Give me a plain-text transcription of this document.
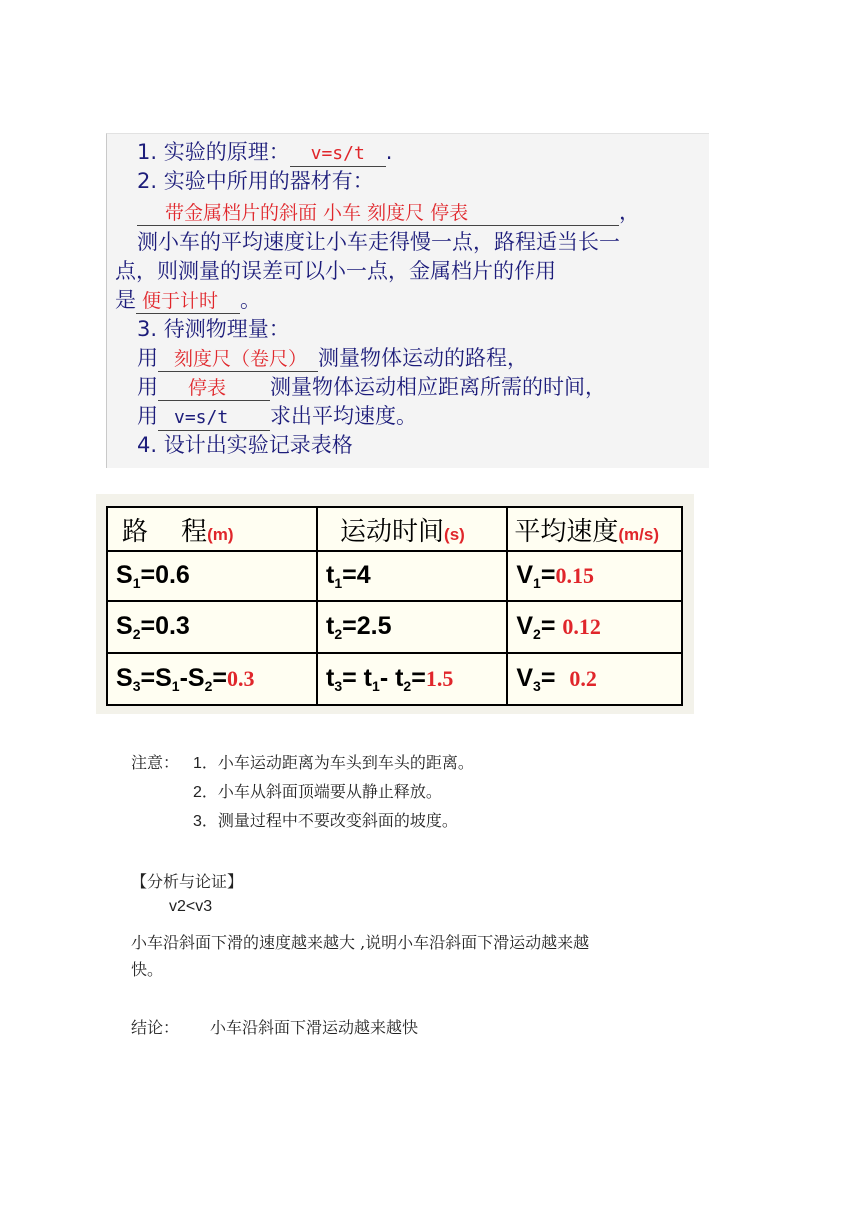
1. 实验的原理： v=s/t .
2. 实验中所用的器材有：
带金属档片的斜面 小车 刻度尺 停表	，
测小车的平均速度让小车走得慢一点，路程适当长一
点，则测量的误差可以小一点，金属档片的作用
是 便于计时 。
3. 待测物理量：
用 刻度尺（卷尺） 测量物体运动的路程，
用 停表 测量物体运动相应距离所需的时间，
用 v=s/t 求出平均速度。
4. 设计出实验记录表格
路    程(m)	运动时间(s)	平均速度(m/s)
$S_1=0.6$	$t_1=4$	$V_1=0.15$
$S_2=0.3$	$t_2=2.5$	$V_2= 0.12$
$S_3=S_1-S_2=0.3$	$t_3= t_1-$ $t_2=1.5$	$V_3= 0.2$
注意： 1．小车运动距离为车头到车头的距离。
2．小车从斜面顶端要从静止释放。
3．测量过程中不要改变斜面的坡度。
【分析与论证】
v2<v3
小车沿斜面下滑的速度越来越大 ,说明小车沿斜面下滑运动越来越
快。
结论： 小车沿斜面下滑运动越来越快
